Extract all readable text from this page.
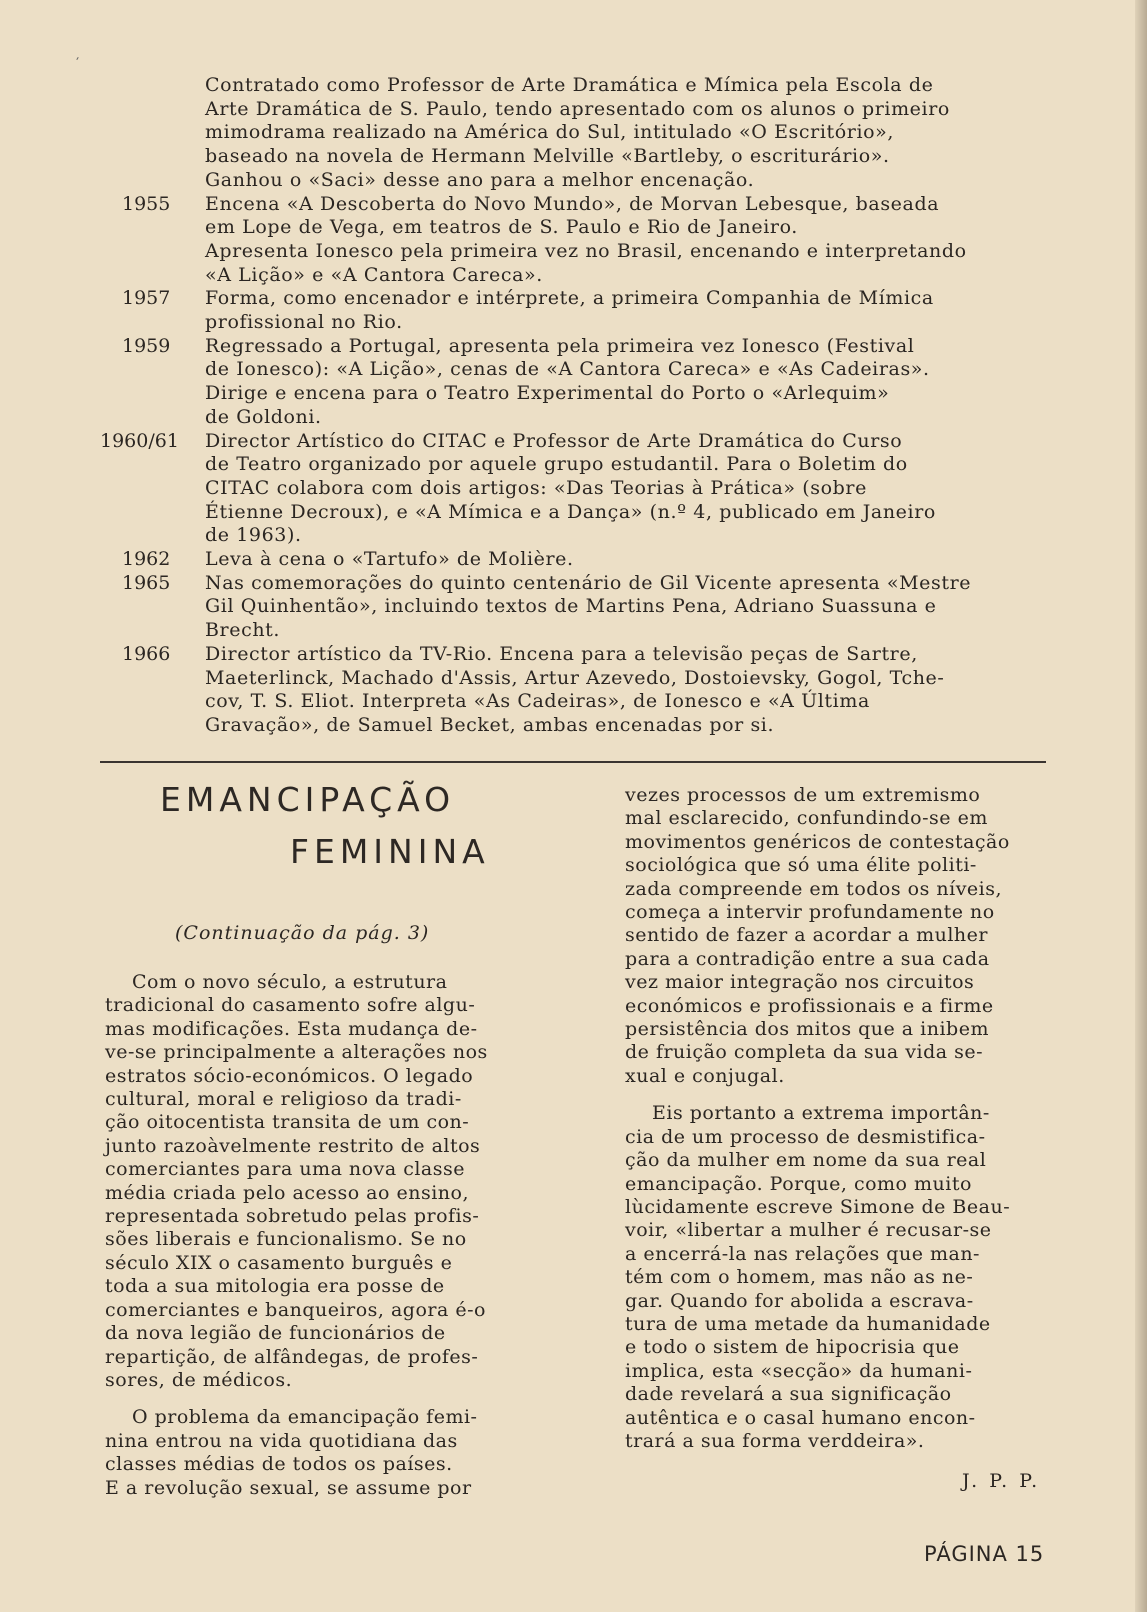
Contratado como Professor de Arte Dramática e Mímica pela Escola de

Arte Dramática de S. Paulo, tendo apresentado com os alunos o primeiro

mimodrama realizado na América do Sul, intitulado «O Escritório»,

baseado na novela de Hermann Melville «Bartleby, o escriturário».

Ganhou o «Saci» desse ano para a melhor encenação.

1955	Encena «A Descoberta do Novo Mundo», de Morvan Lebesque, baseada

em Lope de Vega, em teatros de S. Paulo e Rio de Janeiro.

Apresenta Ionesco pela primeira vez no Brasil, encenando e interpretando

«A Lição» e «A Cantora Careca».

1957	Forma, como encenador e intérprete, a primeira Companhia de Mímica

profissional no Rio.

1959	Regressado a Portugal, apresenta pela primeira vez Ionesco (Festival

de Ionesco): «A Lição», cenas de «A Cantora Careca» e «As Cadeiras».

Dirige e encena para o Teatro Experimental do Porto o «Arlequim»

de Goldoni.

1960/61	Director Artístico do CITAC e Professor de Arte Dramática do Curso

de Teatro organizado por aquele grupo estudantil. Para o Boletim do

CITAC colabora com dois artigos: «Das Teorias à Prática» (sobre

Étienne Decroux), e «A Mímica e a Dança» (n.º 4, publicado em Janeiro

de 1963).

1962	Leva à cena o «Tartufo» de Molière.

1965	Nas comemorações do quinto centenário de Gil Vicente apresenta «Mestre

Gil Quinhentão», incluindo textos de Martins Pena, Adriano Suassuna e

Brecht.

1966	Director artístico da TV-Rio. Encena para a televisão peças de Sartre,

Maeterlinck, Machado d'Assis, Artur Azevedo, Dostoievsky, Gogol, Tche-

cov, T. S. Eliot. Interpreta «As Cadeiras», de Ionesco e «A Última

Gravação», de Samuel Becket, ambas encenadas por si.

EMANCIPAÇÃO
FEMININA
(Continuação da pág. 3)

Com o novo século, a estrutura

tradicional do casamento sofre algu-

mas modificações. Esta mudança de-

ve-se principalmente a alterações nos

estratos sócio-económicos. O legado

cultural, moral e religioso da tradi-

ção oitocentista transita de um con-

junto razoàvelmente restrito de altos

comerciantes para uma nova classe

média criada pelo acesso ao ensino,

representada sobretudo pelas profis-

sões liberais e funcionalismo. Se no

século XIX o casamento burguês e

toda a sua mitologia era posse de

comerciantes e banqueiros, agora é-o

da nova legião de funcionários de

repartição, de alfândegas, de profes-

sores, de médicos.

O problema da emancipação femi-

nina entrou na vida quotidiana das

classes médias de todos os países.

E a revolução sexual, se assume por

vezes processos de um extremismo

mal esclarecido, confundindo-se em

movimentos genéricos de contestação

sociológica que só uma élite politi-

zada compreende em todos os níveis,

começa a intervir profundamente no

sentido de fazer a acordar a mulher

para a contradição entre a sua cada

vez maior integração nos circuitos

económicos e profissionais e a firme

persistência dos mitos que a inibem

de fruição completa da sua vida se-

xual e conjugal.

Eis portanto a extrema importân-

cia de um processo de desmistifica-

ção da mulher em nome da sua real

emancipação. Porque, como muito

lùcidamente escreve Simone de Beau-

voir, «libertar a mulher é recusar-se

a encerrá-la nas relações que man-

tém com o homem, mas não as ne-

gar. Quando for abolida a escrava-

tura de uma metade da humanidade

e todo o sistem de hipocrisia que

implica, esta «secção» da humani-

dade revelará a sua significação

autêntica e o casal humano encon-

trará a sua forma verddeira».

J. P. P.
PÁGINA 15
